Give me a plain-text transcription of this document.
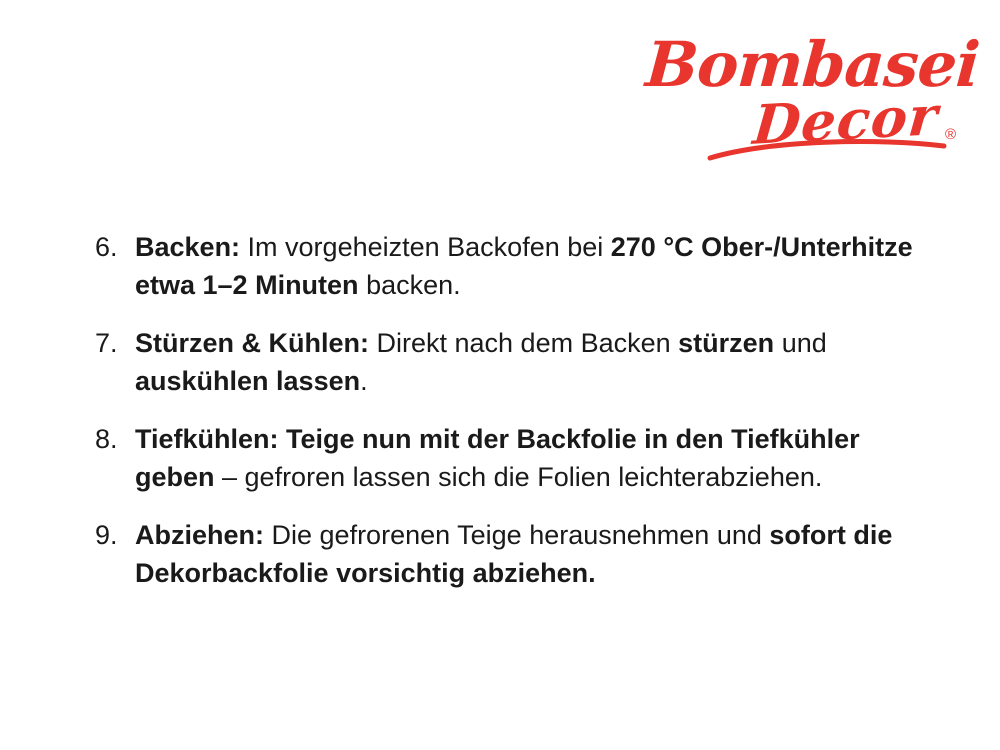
Bombasei
Decor ®
6. Backen: Im vorgeheizten Backofen bei 270 °C Ober-/Unterhitze etwa 1–2 Minuten backen.
7. Stürzen & Kühlen: Direkt nach dem Backen stürzen und auskühlen lassen.
8. Tiefkühlen: Teige nun mit der Backfolie in den Tiefkühler geben – gefroren lassen sich die Folien leichterabziehen.
9. Abziehen: Die gefrorenen Teige herausnehmen und sofort die Dekorbackfolie vorsichtig abziehen.
